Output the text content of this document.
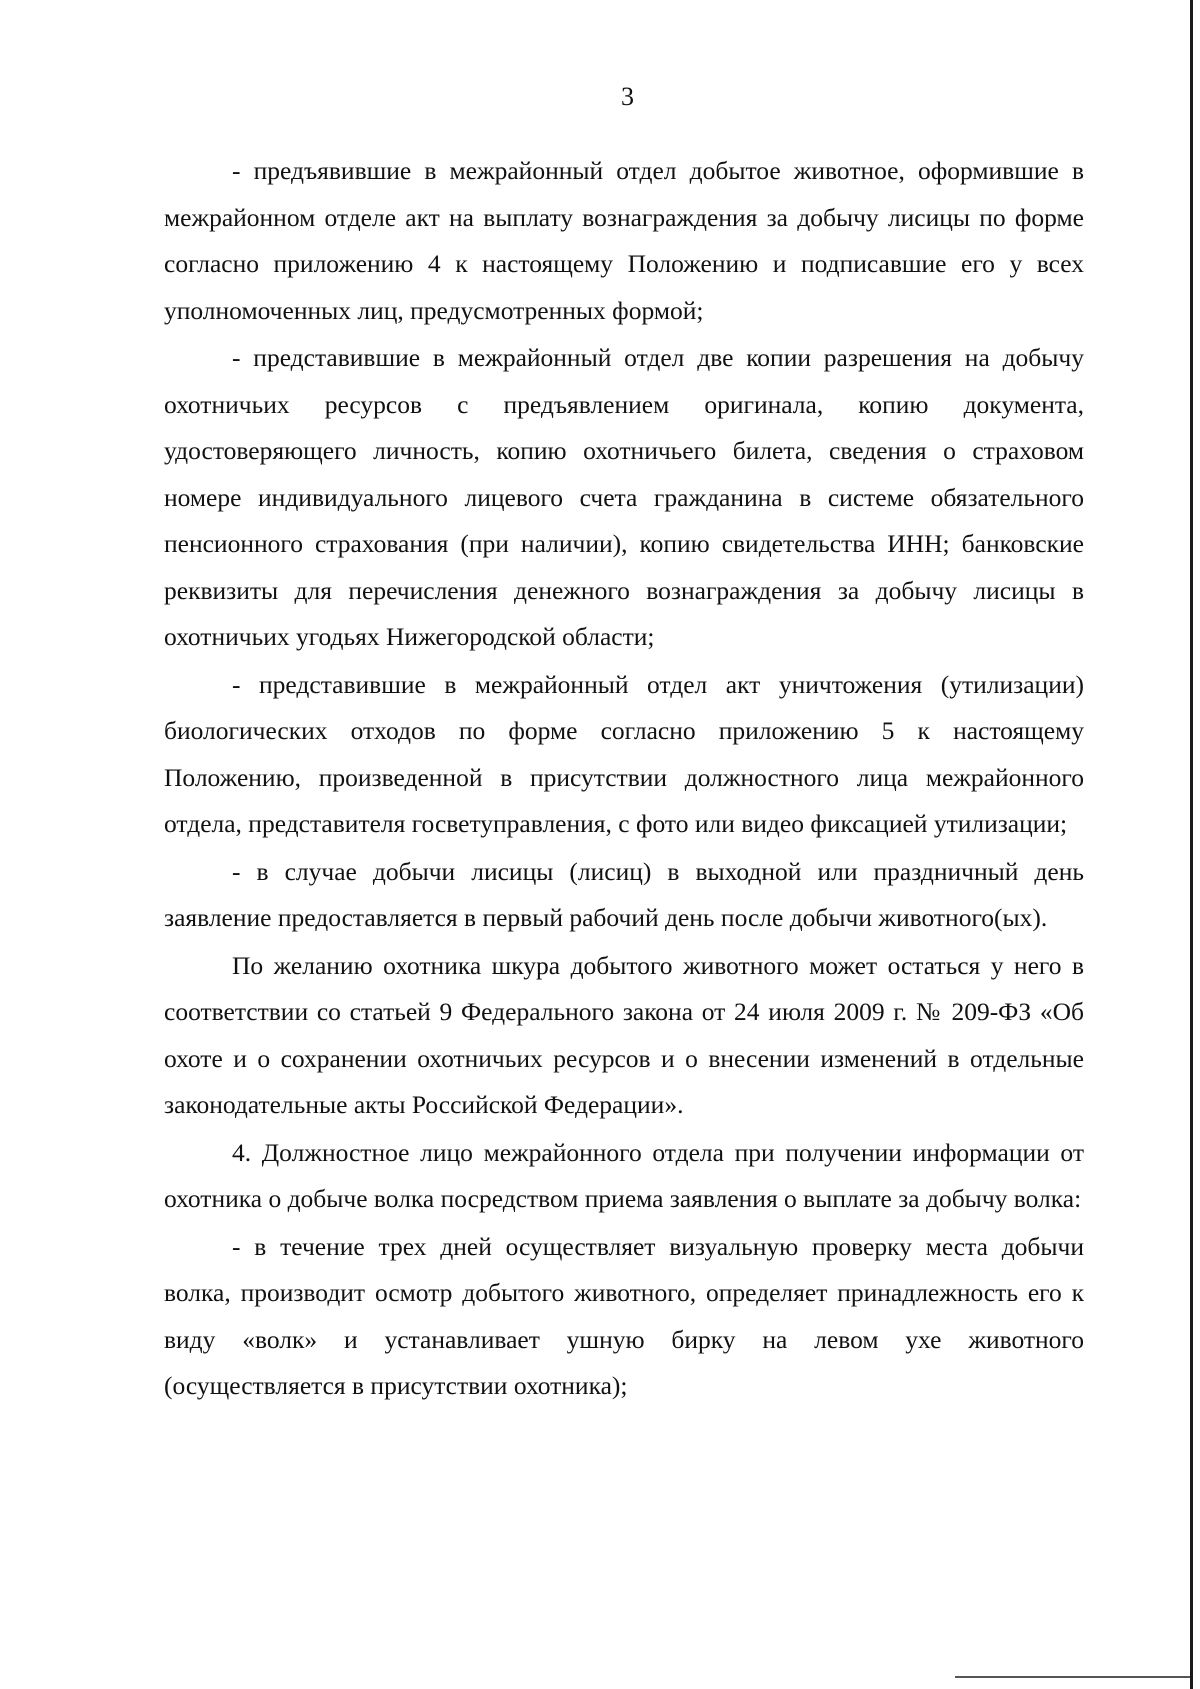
3

- предъявившие в межрайонный отдел добытое животное, оформившие в межрайонном отделе акт на выплату вознаграждения за добычу лисицы по форме согласно приложению 4 к настоящему Положению и подписавшие его у всех уполномоченных лиц, предусмотренных формой;

- представившие в межрайонный отдел две копии разрешения на добычу охотничьих ресурсов с предъявлением оригинала, копию документа, удостоверяющего личность, копию охотничьего билета, сведения о страховом номере индивидуального лицевого счета гражданина в системе обязательного пенсионного страхования (при наличии), копию свидетельства ИНН; банковские реквизиты для перечисления денежного вознаграждения за добычу лисицы в охотничьих угодьях Нижегородской области;

- представившие в межрайонный отдел акт уничтожения (утилизации) биологических отходов по форме согласно приложению 5 к настоящему Положению, произведенной в присутствии должностного лица межрайонного отдела, представителя госветуправления, с фото или видео фиксацией утилизации;

- в случае добычи лисицы (лисиц) в выходной или праздничный день заявление предоставляется в первый рабочий день после добычи животного(ых).

По желанию охотника шкура добытого животного может остаться у него в соответствии со статьей 9 Федерального закона от 24 июля 2009 г. № 209-ФЗ «Об охоте и о сохранении охотничьих ресурсов и о внесении изменений в отдельные законодательные акты Российской Федерации».

4. Должностное лицо межрайонного отдела при получении информации от охотника о добыче волка посредством приема заявления о выплате за добычу волка:

- в течение трех дней осуществляет визуальную проверку места добычи волка, производит осмотр добытого животного, определяет принадлежность его к виду «волк» и устанавливает ушную бирку на левом ухе животного (осуществляется в присутствии охотника);
